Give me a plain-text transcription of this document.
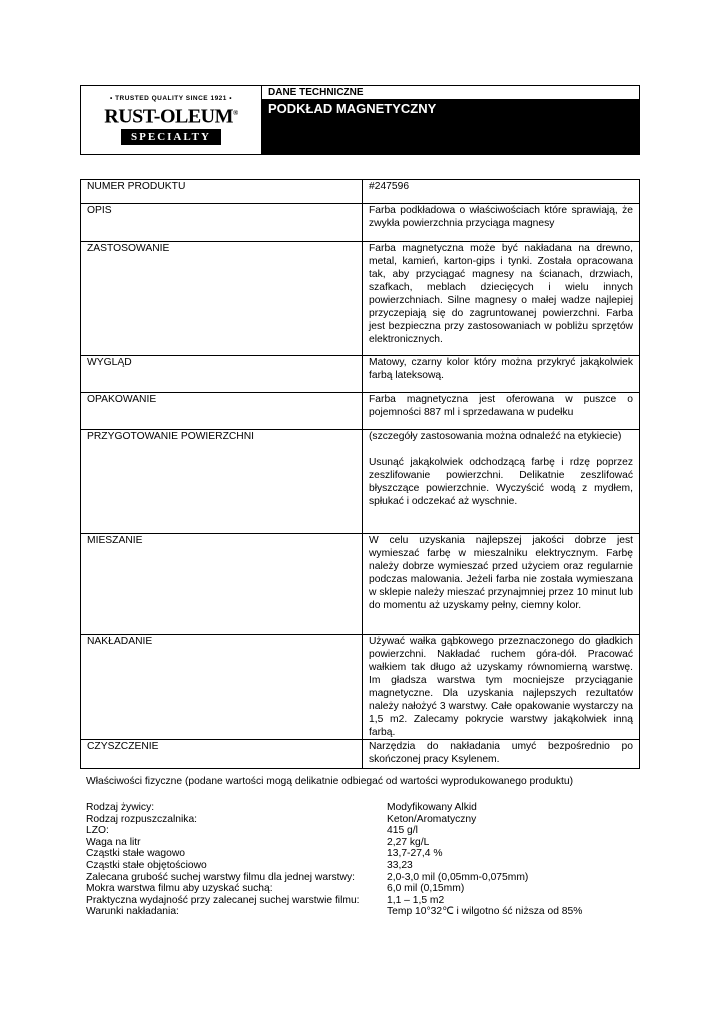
• TRUSTED QUALITY SINCE 1921 •
RUST-OLEUM®
SPECIALTY
DANE TECHNICZNE
PODKŁAD MAGNETYCZNY
NUMER PRODUKTU	#247596
OPIS	Farba podkładowa o właściwościach które sprawiają, że zwykła powierzchnia przyciąga magnesy
ZASTOSOWANIE	Farba magnetyczna może być nakładana na drewno, metal, kamień, karton-gips i tynki. Została opracowana tak, aby przyciągać magnesy na ścianach, drzwiach, szafkach, meblach dziecięcych i wielu innych powierzchniach. Silne magnesy o małej wadze najlepiej przyczepiają się do zagruntowanej powierzchni. Farba jest bezpieczna przy zastosowaniach w pobliżu sprzętów elektronicznych.
WYGLĄD	Matowy, czarny kolor który można przykryć jakąkolwiek farbą lateksową.
OPAKOWANIE	Farba magnetyczna jest oferowana w puszce o pojemności 887 ml i sprzedawana w pudełku
PRZYGOTOWANIE POWIERZCHNI	(szczegóły zastosowania można odnaleźć na etykiecie)

Usunąć jakąkolwiek odchodzącą farbę i rdzę poprzez zeszlifowanie powierzchni. Delikatnie zeszlifować błyszczące powierzchnie. Wyczyścić wodą z mydłem, spłukać i odczekać aż wyschnie.

MIESZANIE	W celu uzyskania najlepszej jakości dobrze jest wymieszać farbę w mieszalniku elektrycznym. Farbę należy dobrze wymieszać przed użyciem oraz regularnie podczas malowania. Jeżeli farba nie została wymieszana w sklepie należy mieszać przynajmniej przez 10 minut lub do momentu aż uzyskamy pełny, ciemny kolor.
NAKŁADANIE	Używać wałka gąbkowego przeznaczonego do gładkich powierzchni. Nakładać ruchem góra-dół. Pracować wałkiem tak długo aż uzyskamy równomierną warstwę. Im gładsza warstwa tym mocniejsze przyciąganie magnetyczne. Dla uzyskania najlepszych rezultatów należy nałożyć 3 warstwy. Całe opakowanie wystarczy na 1,5 m2. Zalecamy pokrycie warstwy jakąkolwiek inną farbą.
CZYSZCZENIE	Narzędzia do nakładania umyć bezpośrednio po skończonej pracy Ksylenem.
Właściwości fizyczne (podane wartości mogą delikatnie odbiegać od wartości wyprodukowanego produktu)
Rodzaj żywicy:	Modyfikowany Alkid
Rodzaj rozpuszczalnika:	Keton/Aromatyczny
LZO:	415 g/l
Waga na litr	2,27 kg/L
Cząstki stałe wagowo	13,7-27,4 %
Cząstki stałe objętościowo	33,23
Zalecana grubość suchej warstwy filmu dla jednej warstwy:	2,0-3,0 mil (0,05mm-0,075mm)
Mokra warstwa filmu aby uzyskać suchą:	6,0 mil (0,15mm)
Praktyczna wydajność przy zalecanej suchej warstwie filmu:	1,1 – 1,5 m2
Warunki nakładania:	Temp 10°32℃ i wilgotno ść niższa od 85%
